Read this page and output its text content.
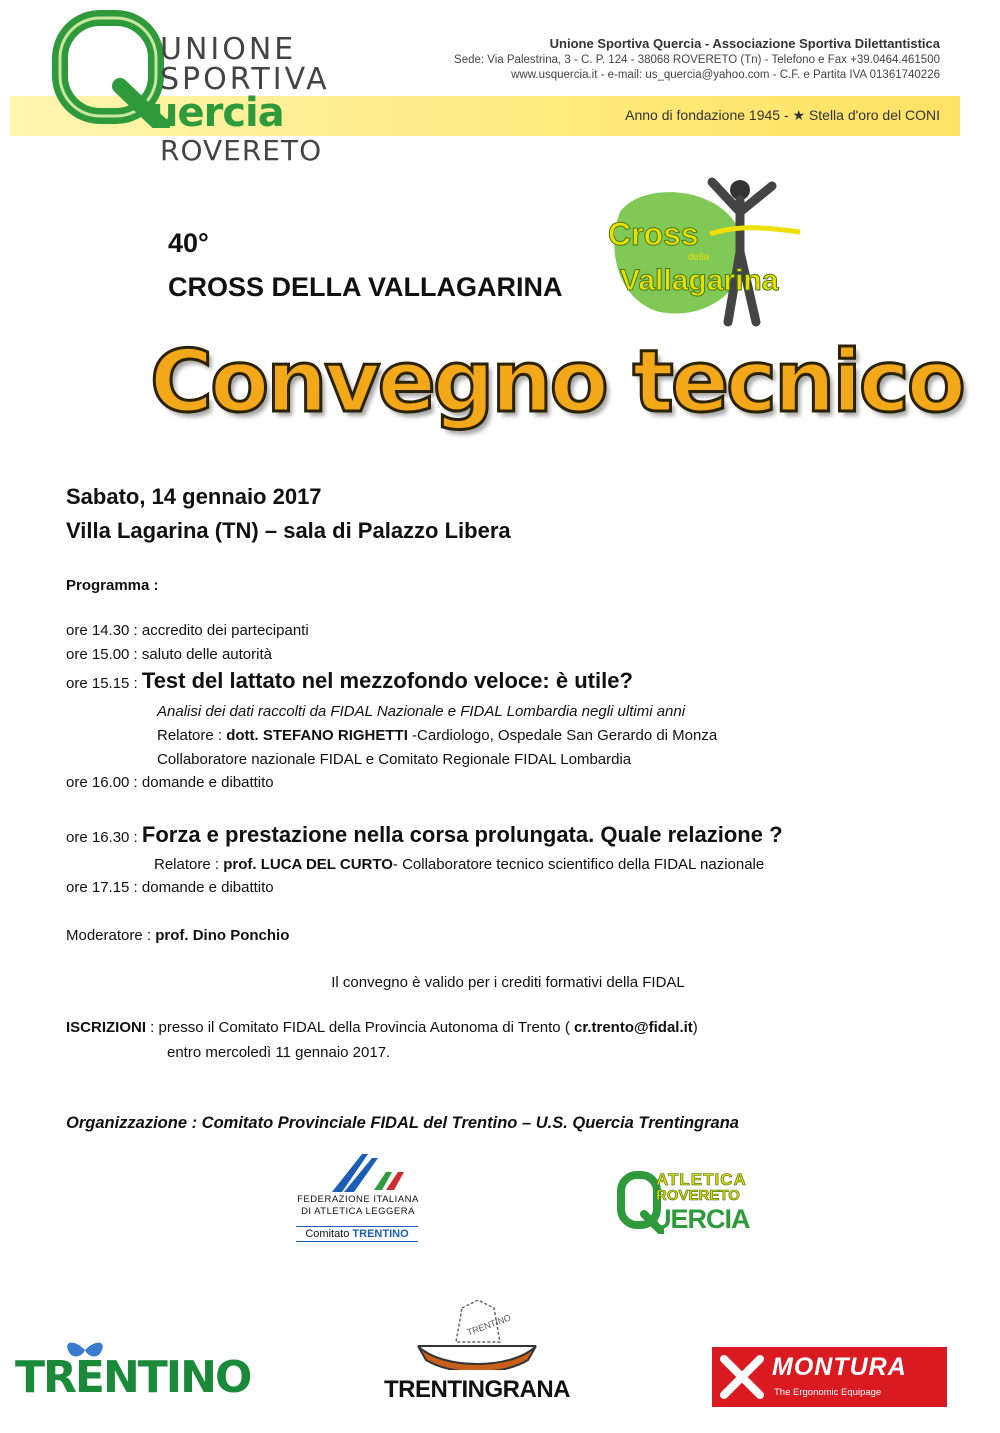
UNIONE
SPORTIVA
uercia
ROVERETO
Unione Sportiva Quercia - Associazione Sportiva Dilettantistica
Sede: Via Palestrina, 3 - C. P. 124 - 38068 ROVERETO (Tn) - Telefono e Fax +39.0464.461500
www.usquercia.it - e-mail: us_quercia@yahoo.com - C.F. e Partita IVA 01361740226
Anno di fondazione 1945 - ★ Stella d'oro del CONI
40°
CROSS DELLA VALLAGARINA
Cross
della
Vallagarina
Convegno tecnico
Sabato, 14 gennaio 2017
Villa Lagarina (TN) – sala di Palazzo Libera
Programma :
ore 14.30 : accredito dei partecipanti
ore 15.00 : saluto delle autorità
ore 15.15 : Test del lattato nel mezzofondo veloce: è utile?
Analisi dei dati raccolti da FIDAL Nazionale e FIDAL Lombardia negli ultimi anni
Relatore : dott. STEFANO RIGHETTI -Cardiologo, Ospedale San Gerardo di Monza
Collaboratore nazionale FIDAL e Comitato Regionale FIDAL Lombardia
ore 16.00 : domande e dibattito
ore 16.30 : Forza e prestazione nella corsa prolungata. Quale relazione ?
Relatore : prof. LUCA DEL CURTO- Collaboratore tecnico scientifico della FIDAL nazionale
ore 17.15 : domande e dibattito
Moderatore : prof. Dino Ponchio
Il convegno è valido per i crediti formativi della FIDAL
ISCRIZIONI : presso il Comitato FIDAL della Provincia Autonoma di Trento ( cr.trento@fidal.it)
entro mercoledì 11 gennaio 2017.
Organizzazione : Comitato Provinciale FIDAL del Trentino – U.S. Quercia Trentingrana
FEDERAZIONE ITALIANA
DI ATLETICA LEGGERA
Comitato TRENTINO
ATLETICA
ROVERETO
UERCIA
TRENTINO
TRENTINO
TRENTINGRANA
MONTURA
The Ergonomic Equipage
